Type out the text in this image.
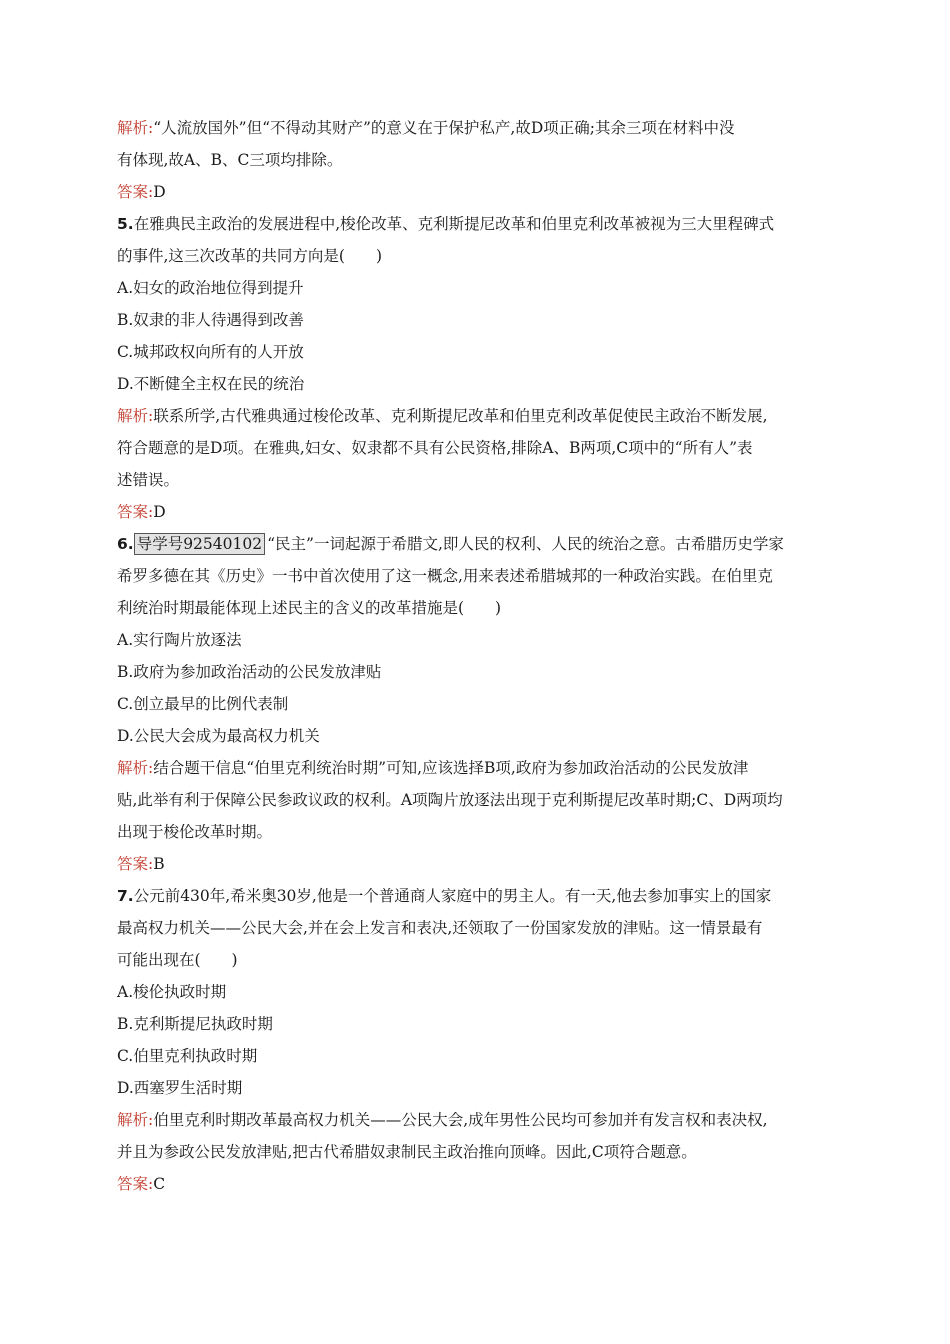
解析:“人流放国外”但“不得动其财产”的意义在于保护私产,故D项正确;其余三项在材料中没
有体现,故A、B、C三项均排除。
答案:D
5.在雅典民主政治的发展进程中,梭伦改革、克利斯提尼改革和伯里克利改革被视为三大里程碑式
的事件,这三次改革的共同方向是(　　)
A.妇女的政治地位得到提升
B.奴隶的非人待遇得到改善
C.城邦政权向所有的人开放
D.不断健全主权在民的统治
解析:联系所学,古代雅典通过梭伦改革、克利斯提尼改革和伯里克利改革促使民主政治不断发展,
符合题意的是D项。在雅典,妇女、奴隶都不具有公民资格,排除A、B两项,C项中的“所有人”表
述错误。
答案:D
6. 导学号92540102 “民主”一词起源于希腊文,即人民的权利、人民的统治之意。古希腊历史学家
希罗多德在其《历史》一书中首次使用了这一概念,用来表述希腊城邦的一种政治实践。在伯里克
利统治时期最能体现上述民主的含义的改革措施是(　　)
A.实行陶片放逐法
B.政府为参加政治活动的公民发放津贴
C.创立最早的比例代表制
D.公民大会成为最高权力机关
解析:结合题干信息“伯里克利统治时期”可知,应该选择B项,政府为参加政治活动的公民发放津
贴,此举有利于保障公民参政议政的权利。A项陶片放逐法出现于克利斯提尼改革时期;C、D两项均
出现于梭伦改革时期。
答案:B
7.公元前430年,希米奥30岁,他是一个普通商人家庭中的男主人。有一天,他去参加事实上的国家
最高权力机关——公民大会,并在会上发言和表决,还领取了一份国家发放的津贴。这一情景最有
可能出现在(　　)
A.梭伦执政时期
B.克利斯提尼执政时期
C.伯里克利执政时期
D.西塞罗生活时期
解析:伯里克利时期改革最高权力机关——公民大会,成年男性公民均可参加并有发言权和表决权,
并且为参政公民发放津贴,把古代希腊奴隶制民主政治推向顶峰。因此,C项符合题意。
答案:C
